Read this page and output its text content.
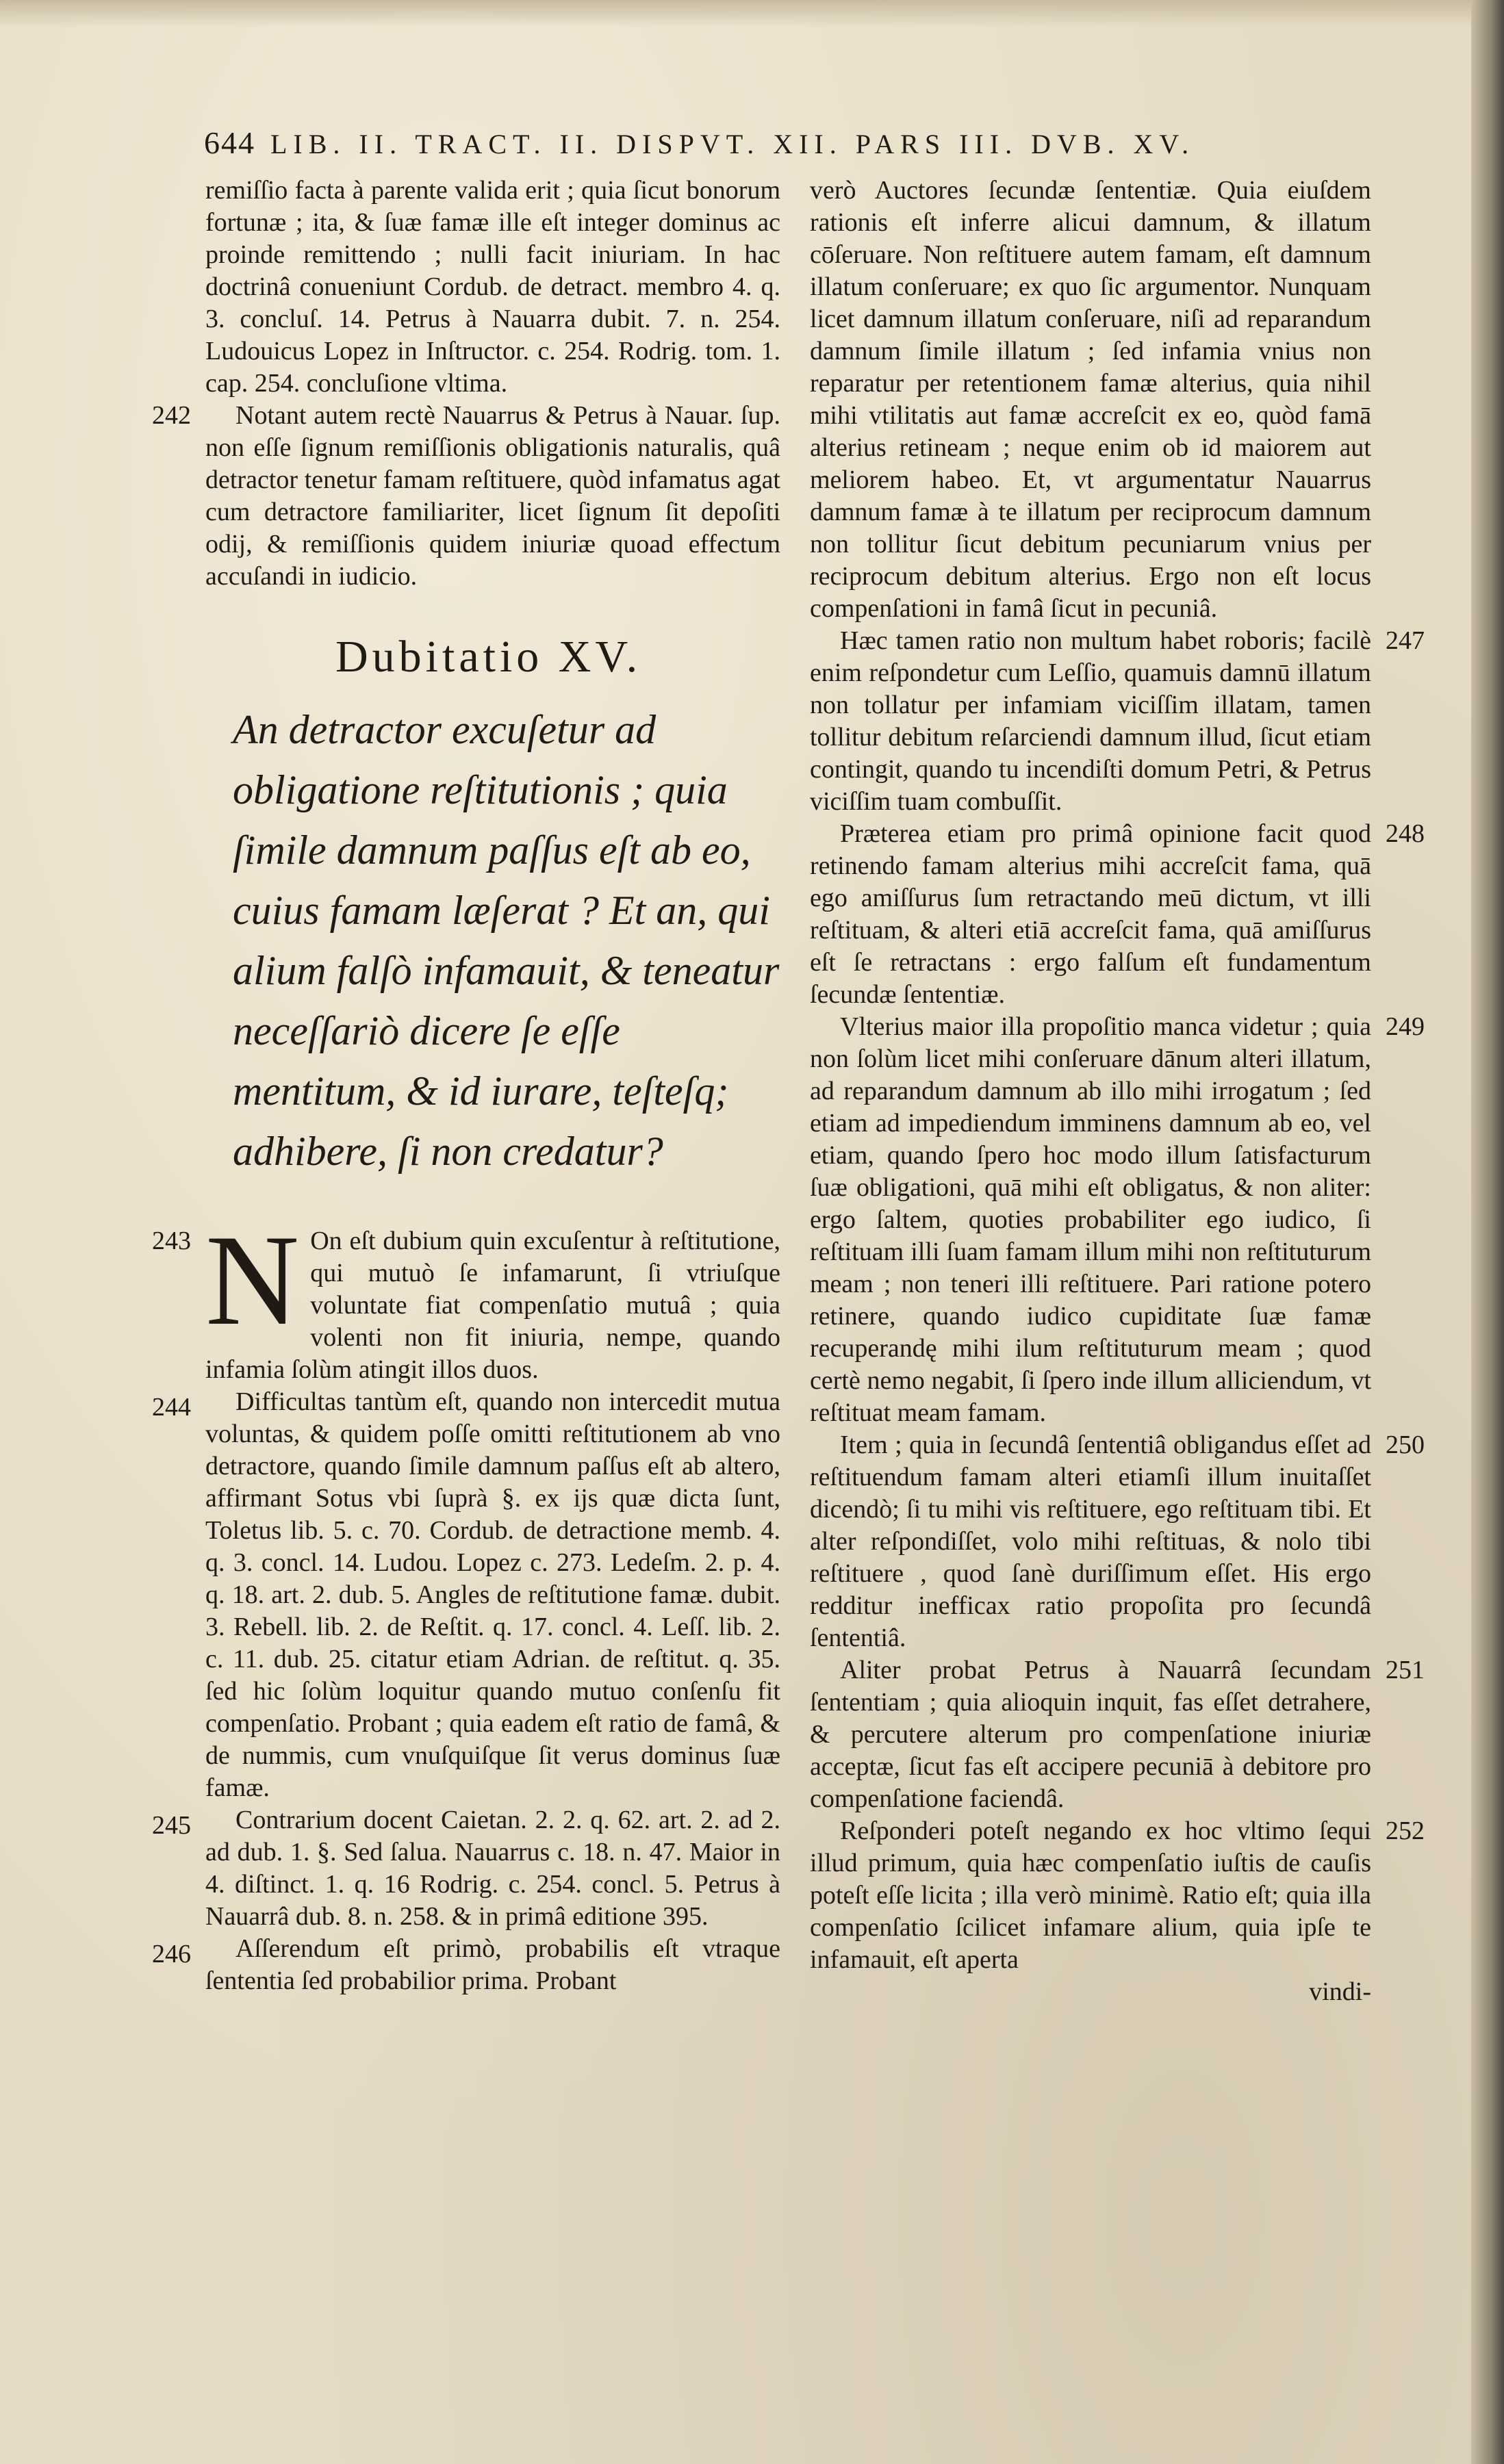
644 LIB. II. TRACT. II. DISPVT. XII. PARS III. DVB. XV.

remiſſio facta à parente valida erit ; quia ſicut bonorum fortunæ ; ita, & ſuæ famæ ille eſt integer dominus ac proinde remittendo ; nulli facit iniuriam. In hac doctrinâ conueniunt Cordub. de detract. membro 4. q. 3. concluſ. 14. Petrus à Nauarra dubit. 7. n. 254. Ludouicus Lopez in Inſtructor. c. 254. Rodrig. tom. 1. cap. 254. concluſione vltima.

242	Notant autem rectè Nauarrus & Petrus à Nauar. ſup. non eſſe ſignum remiſſionis obligationis naturalis, quâ detractor tenetur famam reſtituere, quòd infamatus agat cum detractore familiariter, licet ſignum ſit depoſiti odij, & remiſſionis quidem iniuriæ quoad effectum accuſandi in iudicio.

Dubitatio XV.

An detractor excuſetur ad obligatione reſtitutionis ; quia ſimile damnum paſſus eſt ab eo, cuius famam læſerat ? Et an, qui alium falſò infamauit, & teneatur neceſſariò dicere ſe eſſe mentitum, & id iurare, teſteſq; adhibere, ſi non credatur?

243 N On eſt dubium quin excuſentur à reſtitutione, qui mutuò ſe infamarunt, ſi vtriuſque voluntate fiat compenſatio mutuâ ; quia volenti non fit iniuria, nempe, quando infamia ſolùm atingit illos duos.

244	Difficultas tantùm eſt, quando non intercedit mutua voluntas, & quidem poſſe omitti reſtitutionem ab vno detractore, quando ſimile damnum paſſus eſt ab altero, affirmant Sotus vbi ſuprà §. ex ijs quæ dicta ſunt, Toletus lib. 5. c. 70. Cordub. de detractione memb. 4. q. 3. concl. 14. Ludou. Lopez c. 273. Ledeſm. 2. p. 4. q. 18. art. 2. dub. 5. Angles de reſtitutione famæ. dubit. 3. Rebell. lib. 2. de Reſtit. q. 17. concl. 4. Leſſ. lib. 2. c. 11. dub. 25. citatur etiam Adrian. de reſtitut. q. 35. ſed hic ſolùm loquitur quando mutuo conſenſu fit compenſatio. Probant ; quia eadem eſt ratio de famâ, & de nummis, cum vnuſquiſque ſit verus dominus ſuæ famæ.

245	Contrarium docent Caietan. 2. 2. q. 62. art. 2. ad 2. ad dub. 1. §. Sed ſalua. Nauarrus c. 18. n. 47. Maior in 4. diſtinct. 1. q. 16 Rodrig. c. 254. concl. 5. Petrus à Nauarrâ dub. 8. n. 258. & in primâ editione 395.

246	Aſſerendum eſt primò, probabilis eſt vtraque ſententia ſed probabilior prima. Probant

verò Auctores ſecundæ ſententiæ. Quia eiuſdem rationis eſt inferre alicui damnum, & illatum cōſeruare. Non reſtituere autem famam, eſt damnum illatum conſeruare; ex quo ſic argumentor. Nunquam licet damnum illatum conſeruare, niſi ad reparandum damnum ſimile illatum ; ſed infamia vnius non reparatur per retentionem famæ alterius, quia nihil mihi vtilitatis aut famæ accreſcit ex eo, quòd famā alterius retineam ; neque enim ob id maiorem aut meliorem habeo. Et, vt argumentatur Nauarrus damnum famæ à te illatum per reciprocum damnum non tollitur ſicut debitum pecuniarum vnius per reciprocum debitum alterius. Ergo non eſt locus compenſationi in famâ ſicut in pecuniâ.

247

Hæc tamen ratio non multum habet roboris; facilè enim reſpondetur cum Leſſio, quamuis damnū illatum non tollatur per infamiam viciſſim illatam, tamen tollitur debitum reſarciendi damnum illud, ſicut etiam contingit, quando tu incendiſti domum Petri, & Petrus viciſſim tuam combuſſit.

248

Præterea etiam pro primâ opinione facit quod retinendo famam alterius mihi accreſcit fama, quā ego amiſſurus ſum retractando meū dictum, vt illi reſtituam, & alteri etiā accreſcit fama, quā amiſſurus eſt ſe retractans : ergo falſum eſt fundamentum ſecundæ ſententiæ.

249

Vlterius maior illa propoſitio manca videtur ; quia non ſolùm licet mihi conſeruare dānum alteri illatum, ad reparandum damnum ab illo mihi irrogatum ; ſed etiam ad impediendum imminens damnum ab eo, vel etiam, quando ſpero hoc modo illum ſatisfacturum ſuæ obligationi, quā mihi eſt obligatus, & non aliter: ergo ſaltem, quoties probabiliter ego iudico, ſi reſtituam illi ſuam famam illum mihi non reſtituturum meam ; non teneri illi reſtituere. Pari ratione potero retinere, quando iudico cupiditate ſuæ famæ recuperandę mihi ilum reſtituturum meam ; quod certè nemo negabit, ſi ſpero inde illum alliciendum, vt reſtituat meam famam.

250

Item ; quia in ſecundâ ſententiâ obligandus eſſet ad reſtituendum famam alteri etiamſi illum inuitaſſet dicendò; ſi tu mihi vis reſtituere, ego reſtituam tibi. Et alter reſpondiſſet, volo mihi reſtituas, & nolo tibi reſtituere , quod ſanè duriſſimum eſſet. His ergo redditur inefficax ratio propoſita pro ſecundâ ſententiâ.

251

Aliter probat Petrus à Nauarrâ ſecundam ſententiam ; quia alioquin inquit, fas eſſet detrahere, & percutere alterum pro compenſatione iniuriæ acceptæ, ſicut fas eſt accipere pecuniā à debitore pro compenſatione faciendâ.

252

Reſponderi poteſt negando ex hoc vltimo ſequi illud primum, quia hæc compenſatio iuſtis de cauſis poteſt eſſe licita ; illa verò minimè. Ratio eſt; quia illa compenſatio ſcilicet infamare alium, quia ipſe te infamauit, eſt aperta

vindi-
